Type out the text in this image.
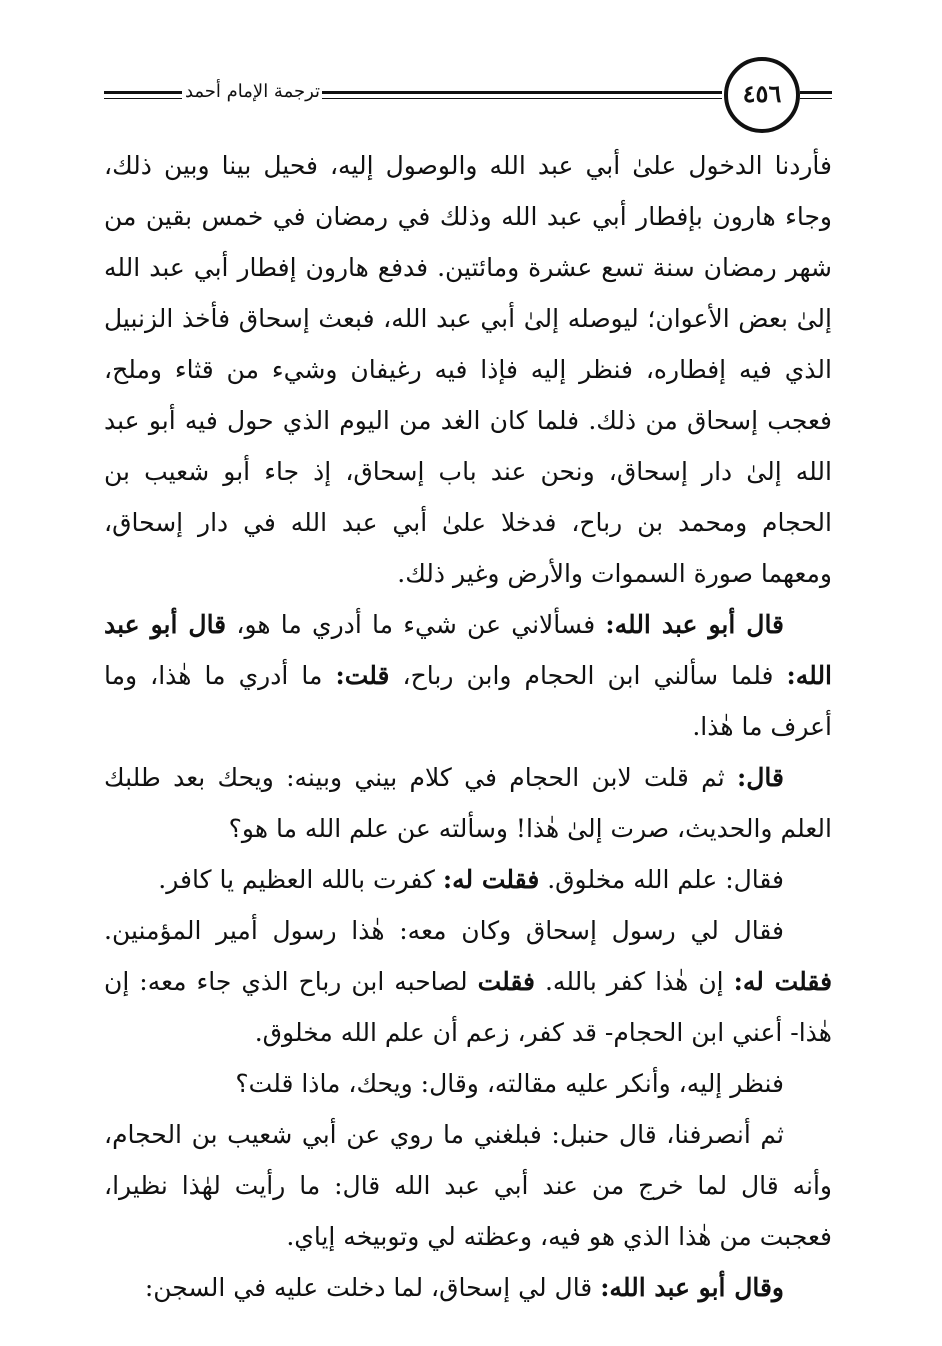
٤٥٦
ترجمة الإمام أحمد

فأردنا الدخول علىٰ أبي عبد الله والوصول إليه، فحيل بينا وبين ذلك، وجاء هارون بإفطار أبي عبد الله وذلك في رمضان في خمس بقين من شهر رمضان سنة تسع عشرة ومائتين. فدفع هارون إفطار أبي عبد الله إلىٰ بعض الأعوان؛ ليوصله إلىٰ أبي عبد الله، فبعث إسحاق فأخذ الزنبيل الذي فيه إفطاره، فنظر إليه فإذا فيه رغيفان وشيء من قثاء وملح، فعجب إسحاق من ذلك. فلما كان الغد من اليوم الذي حول فيه أبو عبد الله إلىٰ دار إسحاق، ونحن عند باب إسحاق، إذ جاء أبو شعيب بن الحجام ومحمد بن رباح، فدخلا علىٰ أبي عبد الله في دار إسحاق، ومعهما صورة السموات والأرض وغير ذلك.

قال أبو عبد الله: فسألاني عن شيء ما أدري ما هو، قال أبو عبد الله: فلما سألني ابن الحجام وابن رباح، قلت: ما أدري ما هٰذا، وما أعرف ما هٰذا.

قال: ثم قلت لابن الحجام في كلام بيني وبينه: ويحك بعد طلبك العلم والحديث، صرت إلىٰ هٰذا! وسألته عن علم الله ما هو؟

فقال: علم الله مخلوق. فقلت له: كفرت بالله العظيم يا كافر.

فقال لي رسول إسحاق وكان معه: هٰذا رسول أمير المؤمنين. فقلت له: إن هٰذا كفر بالله. فقلت لصاحبه ابن رباح الذي جاء معه: إن هٰذا- أعني ابن الحجام- قد كفر، زعم أن علم الله مخلوق.

فنظر إليه، وأنكر عليه مقالته، وقال: ويحك، ماذا قلت؟

ثم أنصرفنا، قال حنبل: فبلغني ما روي عن أبي شعيب بن الحجام، وأنه قال لما خرج من عند أبي عبد الله قال: ما رأيت لهٰذا نظيرا، فعجبت من هٰذا الذي هو فيه، وعظته لي وتوبيخه إياي.

وقال أبو عبد الله: قال لي إسحاق، لما دخلت عليه في السجن:
